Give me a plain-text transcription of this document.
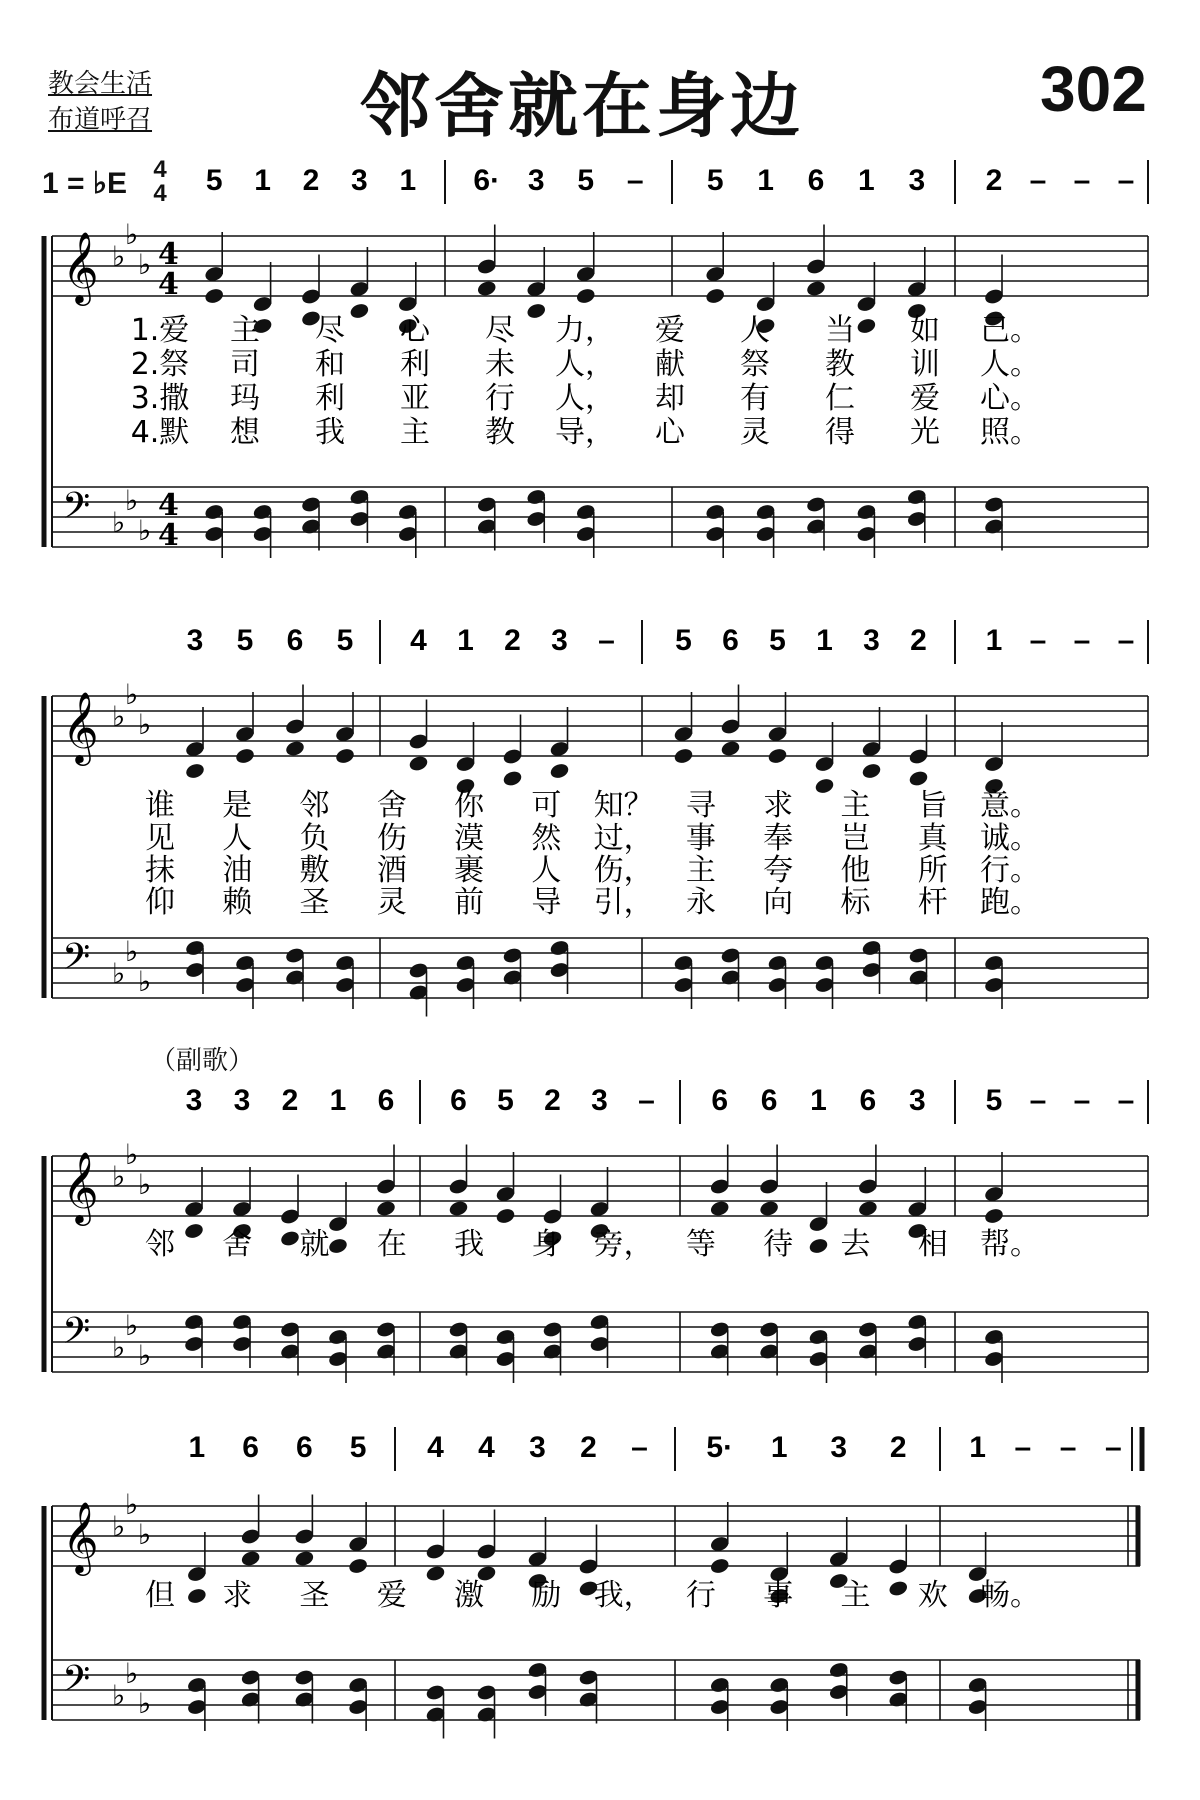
教会生活
布道呼召	邻舍就在身边	302
1 = ♭E 4
4
（副歌）
5 1 2 3 1 6· 3 5 – 5 1 6 1 3 2 – – –
𝄞 ♭
♭
♭ 4
4
𝄢 ♭
♭
♭
4
4
1.爱 主 尽 心 尽 力， 爱 人 当 如 己。
2.祭 司 和 利 未 人， 献 祭 教 训 人。
3.撒 玛 利 亚 行 人， 却 有 仁 爱 心。
4.默 想 我 主 教 导， 心 灵 得 光 照。
3 5 6 5 4 1 2 3 – 5 6 5 1 3 2 1 – – –
𝄞 ♭
♭
♭
𝄢 ♭
♭
♭
谁 是 邻 舍 你 可 知？ 寻 求 主 旨 意。
见 人 负 伤 漠 然 过， 事 奉 岂 真 诚。
抹 油 敷 酒 裹 人 伤， 主 夸 他 所 行。
仰 赖 圣 灵 前 导 引， 永 向 标 杆 跑。
3 3 2 1 6 6 5 2 3 – 6 6 1 6 3 5 – – –
𝄞 ♭
♭
♭
𝄢 ♭
♭
♭
邻 舍 就 在 我 身 旁， 等 待 去 相 帮。
1 6 6 5 4 4 3 2 – 5· 1 3 2 1 – – –
𝄞 ♭
♭
♭
𝄢 ♭
♭
♭
但 求 圣 爱 激 励 我， 行 事 主 欢 畅。
